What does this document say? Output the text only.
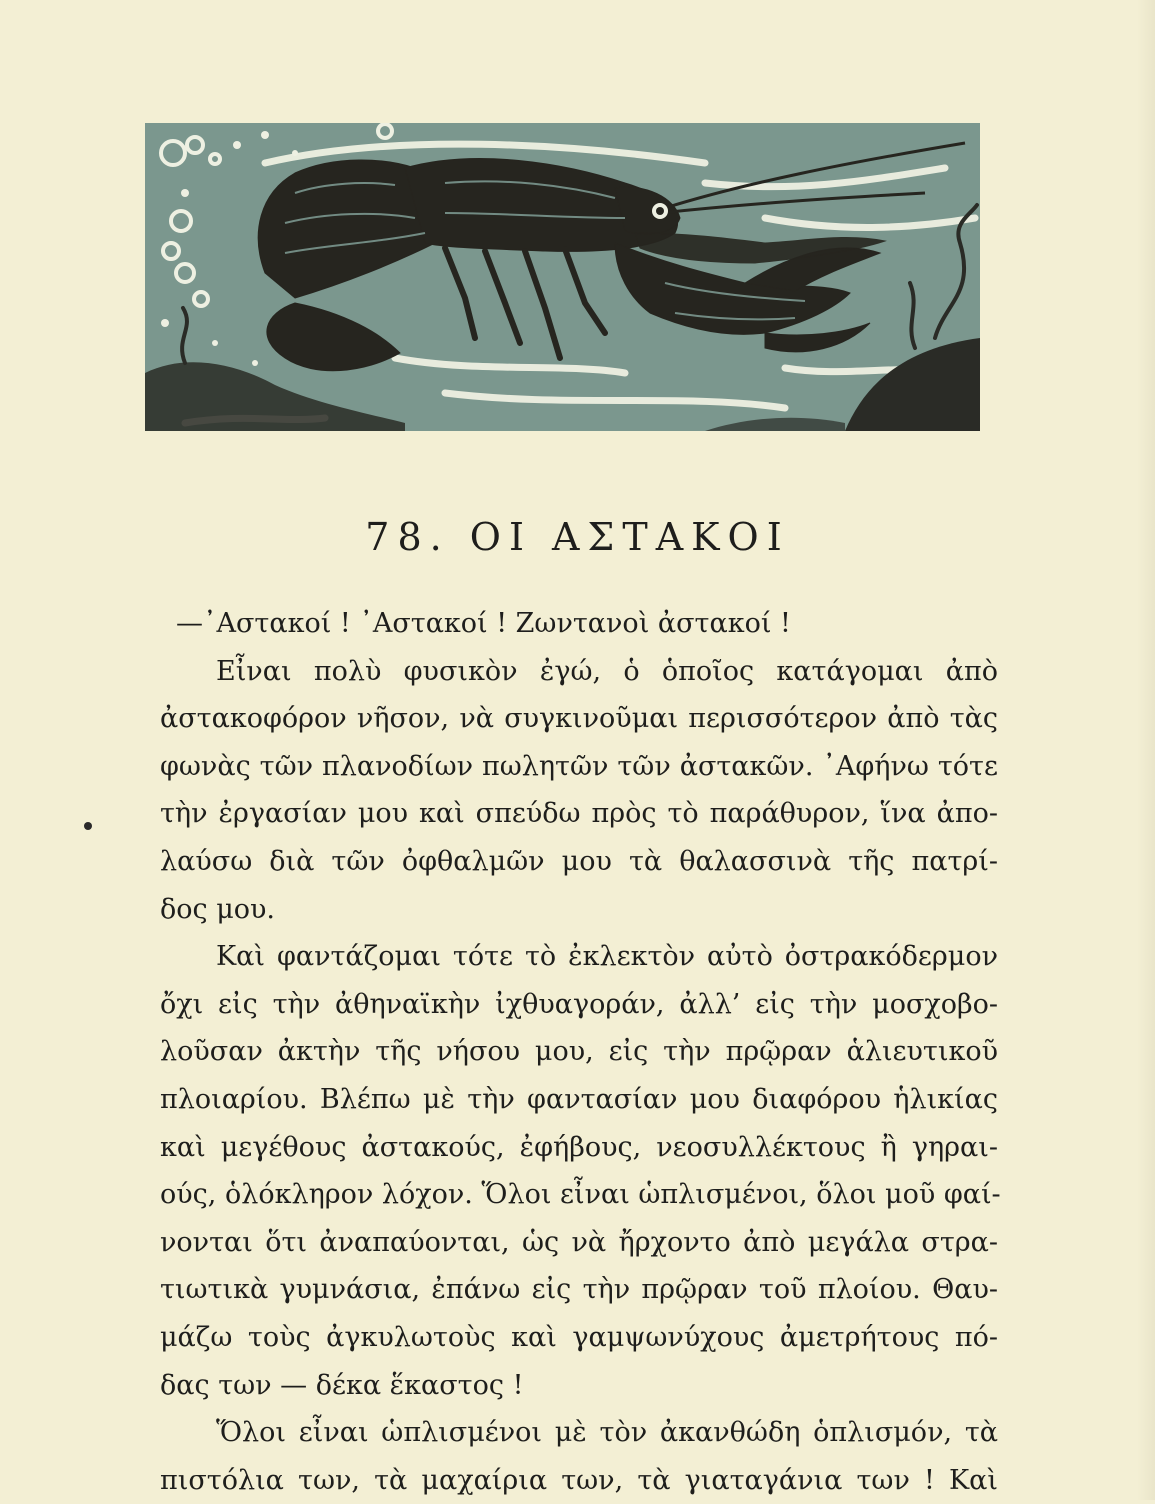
78. ΟΙ ΑΣΤΑΚΟΙ
—᾿Αστακοί ! ᾿Αστακοί ! Ζωντανοὶ ἀστακοί !
Εἶναι πολὺ φυσικὸν ἐγώ, ὁ ὁποῖος κατάγομαι ἀπὸ
ἀστακοφόρον νῆσον, νὰ συγκινοῦμαι περισσότερον ἀπὸ τὰς
φωνὰς τῶν πλανοδίων πωλητῶν τῶν ἀστακῶν. ᾿Αφήνω τότε
τὴν ἐργασίαν μου καὶ σπεύδω πρὸς τὸ παράθυρον, ἵνα ἀπο-
λαύσω διὰ τῶν ὀφθαλμῶν μου τὰ θαλασσινὰ τῆς πατρί-
δος μου.
Καὶ φαντάζομαι τότε τὸ ἐκλεκτὸν αὐτὸ ὀστρακόδερμον
ὄχι εἰς τὴν ἀθηναϊκὴν ἰχθυαγοράν, ἀλλ’ εἰς τὴν μοσχοβο-
λοῦσαν ἀκτὴν τῆς νήσου μου, εἰς τὴν πρῷραν ἁλιευτικοῦ
πλοιαρίου. Βλέπω μὲ τὴν φαντασίαν μου διαφόρου ἡλικίας
καὶ μεγέθους ἀστακούς, ἐφήβους, νεοσυλλέκτους ἢ γηραι-
ούς, ὁλόκληρον λόχον. Ὅλοι εἶναι ὡπλισμένοι, ὅλοι μοῦ φαί-
νονται ὅτι ἀναπαύονται, ὡς νὰ ἤρχοντο ἀπὸ μεγάλα στρα-
τιωτικὰ γυμνάσια, ἐπάνω εἰς τὴν πρῷραν τοῦ πλοίου. Θαυ-
μάζω τοὺς ἀγκυλωτοὺς καὶ γαμψωνύχους ἀμετρήτους πό-
δας των — δέκα ἕκαστος !
Ὅλοι εἶναι ὡπλισμένοι μὲ τὸν ἀκανθώδη ὁπλισμόν, τὰ
πιστόλια των, τὰ μαχαίρια των, τὰ γιαταγάνια των ! Καὶ
